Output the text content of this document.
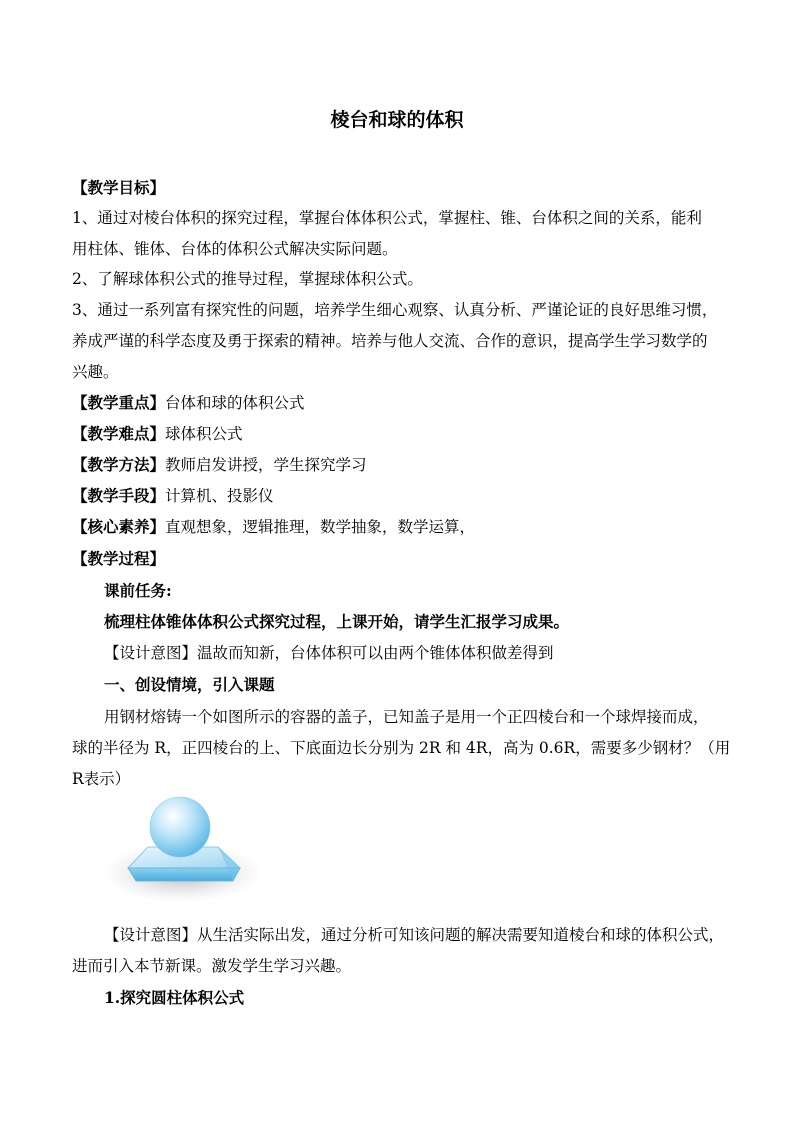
棱台和球的体积
【教学目标】
1、通过对棱台体积的探究过程，掌握台体体积公式，掌握柱、锥、台体积之间的关系，能利
用柱体、锥体、台体的体积公式解决实际问题。
2、了解球体积公式的推导过程，掌握球体积公式。
3、通过一系列富有探究性的问题，培养学生细心观察、认真分析、严谨论证的良好思维习惯，
养成严谨的科学态度及勇于探索的精神。培养与他人交流、合作的意识，提高学生学习数学的
兴趣。
【教学重点】台体和球的体积公式
【教学难点】球体积公式
【教学方法】教师启发讲授，学生探究学习
【教学手段】计算机、投影仪
【核心素养】直观想象，逻辑推理，数学抽象，数学运算，
【教学过程】
课前任务:
梳理柱体锥体体积公式探究过程，上课开始，请学生汇报学习成果。
【设计意图】温故而知新，台体体积可以由两个锥体体积做差得到
一、创设情境，引入课题
用钢材熔铸一个如图所示的容器的盖子，已知盖子是用一个正四棱台和一个球焊接而成，
球的半径为 R，正四棱台的上、下底面边长分别为 2R 和 4R，高为 0.6R，需要多少钢材？（用
R表示）
【设计意图】从生活实际出发，通过分析可知该问题的解决需要知道棱台和球的体积公式，
进而引入本节新课。激发学生学习兴趣。
1.探究圆柱体积公式
